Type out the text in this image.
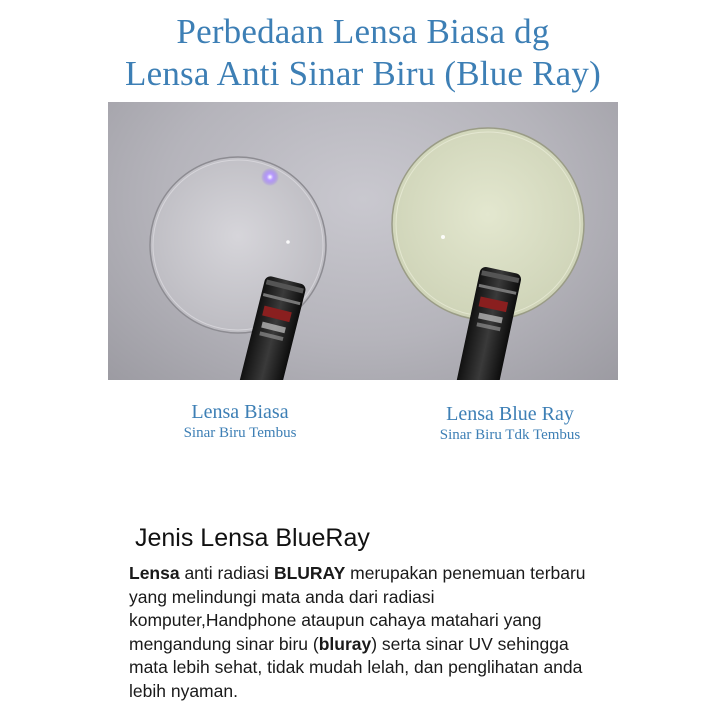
Perbedaan Lensa Biasa dg
Lensa Anti Sinar Biru (Blue Ray)
Lensa Biasa
Sinar Biru Tembus
Lensa Blue Ray
Sinar Biru Tdk Tembus
Jenis Lensa BlueRay
Lensa anti radiasi BLURAY merupakan penemuan terbaru yang melindungi mata anda dari radiasi komputer,Handphone ataupun cahaya matahari yang mengandung sinar biru (bluray) serta sinar UV sehingga mata lebih sehat, tidak mudah lelah, dan penglihatan anda lebih nyaman.
